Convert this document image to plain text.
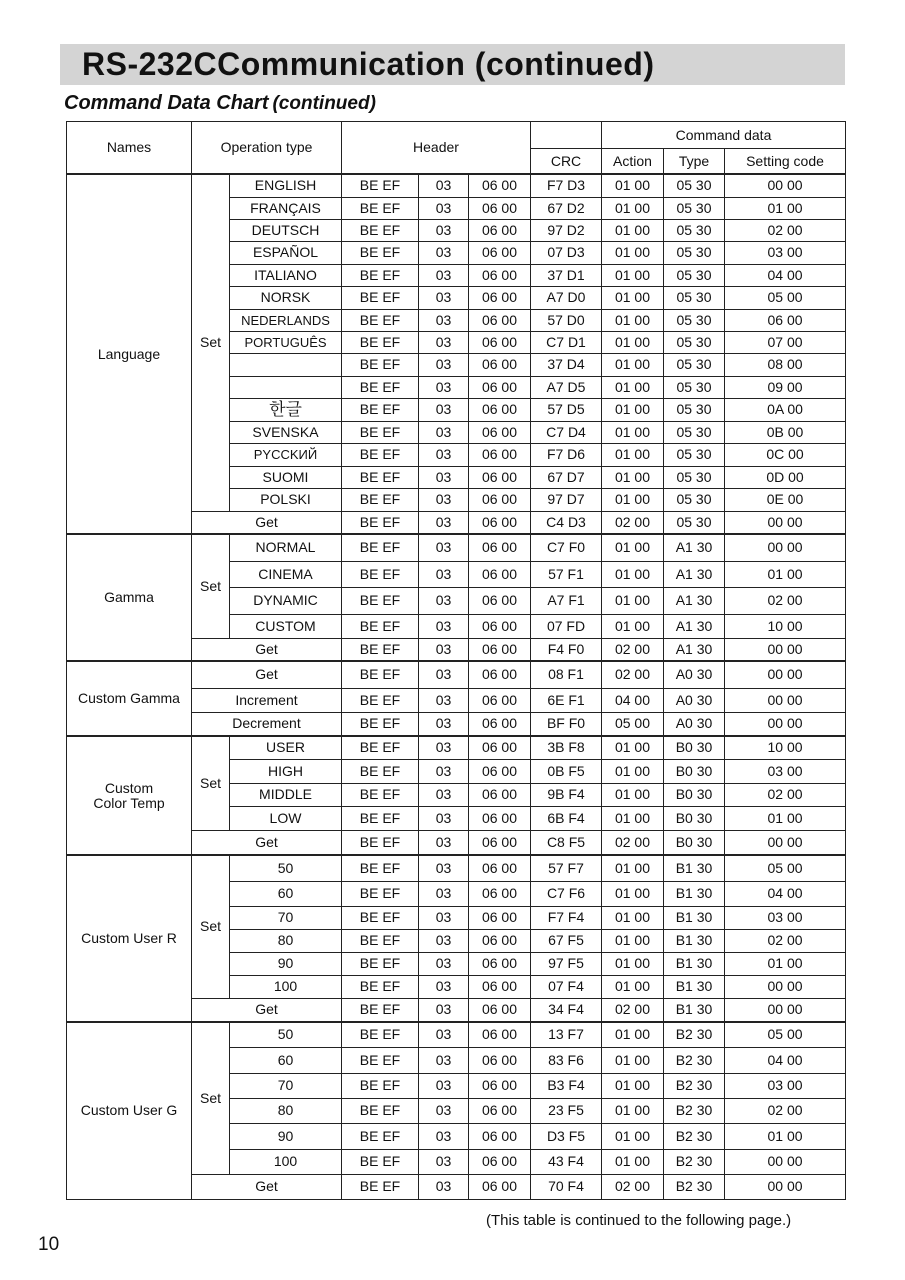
RS-232CCommunication (continued)
Command Data Chart (continued)
Names	Operation type		Header				Command data		
						CRC	Action	Type	Setting code
Language	Set	ENGLISH	BE EF	03	06 00	F7 D3	01 00	05 30	00 00
		FRANÇAIS	BE EF	03	06 00	67 D2	01 00	05 30	01 00
		DEUTSCH	BE EF	03	06 00	97 D2	01 00	05 30	02 00
		ESPAÑOL	BE EF	03	06 00	07 D3	01 00	05 30	03 00
		ITALIANO	BE EF	03	06 00	37 D1	01 00	05 30	04 00
		NORSK	BE EF	03	06 00	A7 D0	01 00	05 30	05 00
		NEDERLANDS	BE EF	03	06 00	57 D0	01 00	05 30	06 00
		PORTUGUÊS	BE EF	03	06 00	C7 D1	01 00	05 30	07 00
			BE EF	03	06 00	37 D4	01 00	05 30	08 00
			BE EF	03	06 00	A7 D5	01 00	05 30	09 00
		한글	BE EF	03	06 00	57 D5	01 00	05 30	0A 00
		SVENSKA	BE EF	03	06 00	C7 D4	01 00	05 30	0B 00
		PYCCKИЙ	BE EF	03	06 00	F7 D6	01 00	05 30	0C 00
		SUOMI	BE EF	03	06 00	67 D7	01 00	05 30	0D 00
		POLSKI	BE EF	03	06 00	97 D7	01 00	05 30	0E 00
	Get		BE EF	03	06 00	C4 D3	02 00	05 30	00 00
Gamma	Set	NORMAL	BE EF	03	06 00	C7 F0	01 00	A1 30	00 00
		CINEMA	BE EF	03	06 00	57 F1	01 00	A1 30	01 00
		DYNAMIC	BE EF	03	06 00	A7 F1	01 00	A1 30	02 00
		CUSTOM	BE EF	03	06 00	07 FD	01 00	A1 30	10 00
	Get		BE EF	03	06 00	F4 F0	02 00	A1 30	00 00
Custom Gamma	Get		BE EF	03	06 00	08 F1	02 00	A0 30	00 00
	Increment		BE EF	03	06 00	6E F1	04 00	A0 30	00 00
	Decrement		BE EF	03	06 00	BF F0	05 00	A0 30	00 00

Custom
Color Temp	Set	USER	BE EF	03	06 00	3B F8	01 00	B0 30	10 00
		HIGH	BE EF	03	06 00	0B F5	01 00	B0 30	03 00
		MIDDLE	BE EF	03	06 00	9B F4	01 00	B0 30	02 00
		LOW	BE EF	03	06 00	6B F4	01 00	B0 30	01 00
	Get		BE EF	03	06 00	C8 F5	02 00	B0 30	00 00
Custom User R	Set	50	BE EF	03	06 00	57 F7	01 00	B1 30	05 00
		60	BE EF	03	06 00	C7 F6	01 00	B1 30	04 00
		70	BE EF	03	06 00	F7 F4	01 00	B1 30	03 00
		80	BE EF	03	06 00	67 F5	01 00	B1 30	02 00
		90	BE EF	03	06 00	97 F5	01 00	B1 30	01 00
		100	BE EF	03	06 00	07 F4	01 00	B1 30	00 00
	Get		BE EF	03	06 00	34 F4	02 00	B1 30	00 00
Custom User G	Set	50	BE EF	03	06 00	13 F7	01 00	B2 30	05 00
		60	BE EF	03	06 00	83 F6	01 00	B2 30	04 00
		70	BE EF	03	06 00	B3 F4	01 00	B2 30	03 00
		80	BE EF	03	06 00	23 F5	01 00	B2 30	02 00
		90	BE EF	03	06 00	D3 F5	01 00	B2 30	01 00
		100	BE EF	03	06 00	43 F4	01 00	B2 30	00 00
	Get		BE EF	03	06 00	70 F4	02 00	B2 30	00 00
(This table is continued to the following page.)
10
